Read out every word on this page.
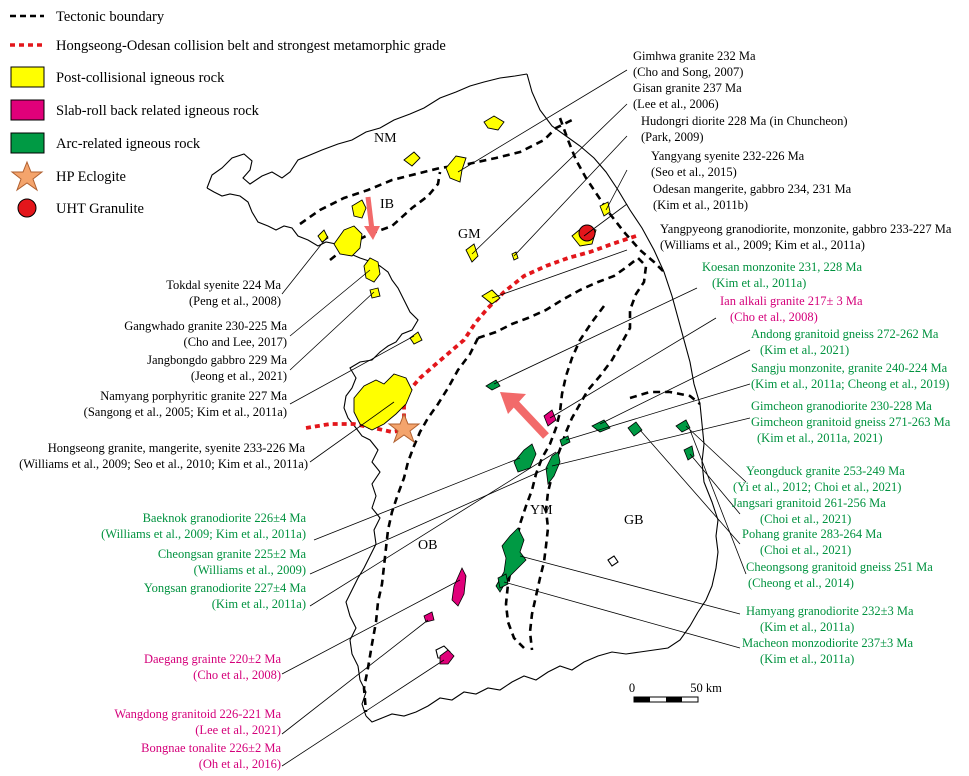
Tectonic boundary
Hongseong-Odesan collision belt and strongest metamorphic grade
Post-collisional igneous rock
Slab-roll back related igneous rock
Arc-related igneous rock
HP Eclogite
UHT Granulite
NM
IB
GM
OB
YM
GB
Gimhwa granite 232 Ma
(Cho and Song, 2007)
Gisan granite 237 Ma
(Lee et al., 2006)
Hudongri diorite 228 Ma (in Chuncheon)
(Park, 2009)
Yangyang syenite 232-226 Ma
(Seo et al., 2015)
Odesan mangerite, gabbro 234, 231 Ma
(Kim et al., 2011b)
Yangpyeong granodiorite, monzonite, gabbro 233-227 Ma
(Williams et al., 2009; Kim et al., 2011a)
Koesan monzonite 231, 228 Ma
(Kim et al., 2011a)
Ian alkali granite 217± 3 Ma
(Cho et al., 2008)
Andong granitoid gneiss 272-262 Ma
(Kim et al., 2021)
Sangju monzonite, granite 240-224 Ma
(Kim et al., 2011a; Cheong et al., 2019)
Gimcheon granodiorite 230-228 Ma
Gimcheon granitoid gneiss 271-263 Ma
(Kim et al., 2011a, 2021)
Yeongduck granite 253-249 Ma
(Yi et al., 2012; Choi et al., 2021)
Jangsari granitoid 261-256 Ma
(Choi et al., 2021)
Pohang granite 283-264 Ma
(Choi et al., 2021)
Cheongsong granitoid gneiss 251 Ma
(Cheong et al., 2014)
Hamyang granodiorite 232±3 Ma
(Kim et al., 2011a)
Macheon monzodiorite 237±3 Ma
(Kim et al., 2011a)
Tokdal syenite 224 Ma
(Peng et al., 2008)
Gangwhado granite 230-225 Ma
(Cho and Lee, 2017)
Jangbongdo gabbro 229 Ma
(Jeong et al., 2021)
Namyang porphyritic granite 227 Ma
(Sangong et al., 2005; Kim et al., 2011a)
Hongseong granite, mangerite, syenite 233-226 Ma
(Williams et al., 2009; Seo et al., 2010; Kim et al., 2011a)
Baeknok granodiorite 226±4 Ma
(Williams et al., 2009; Kim et al., 2011a)
Cheongsan granite 225±2 Ma
(Williams et al., 2009)
Yongsan granodiorite 227±4 Ma
(Kim et al., 2011a)
Daegang grainte 220±2 Ma
(Cho et al., 2008)
Wangdong granitoid 226-221 Ma
(Lee et al., 2021)
Bongnae tonalite 226±2 Ma
(Oh et al., 2016)
0	50 km
